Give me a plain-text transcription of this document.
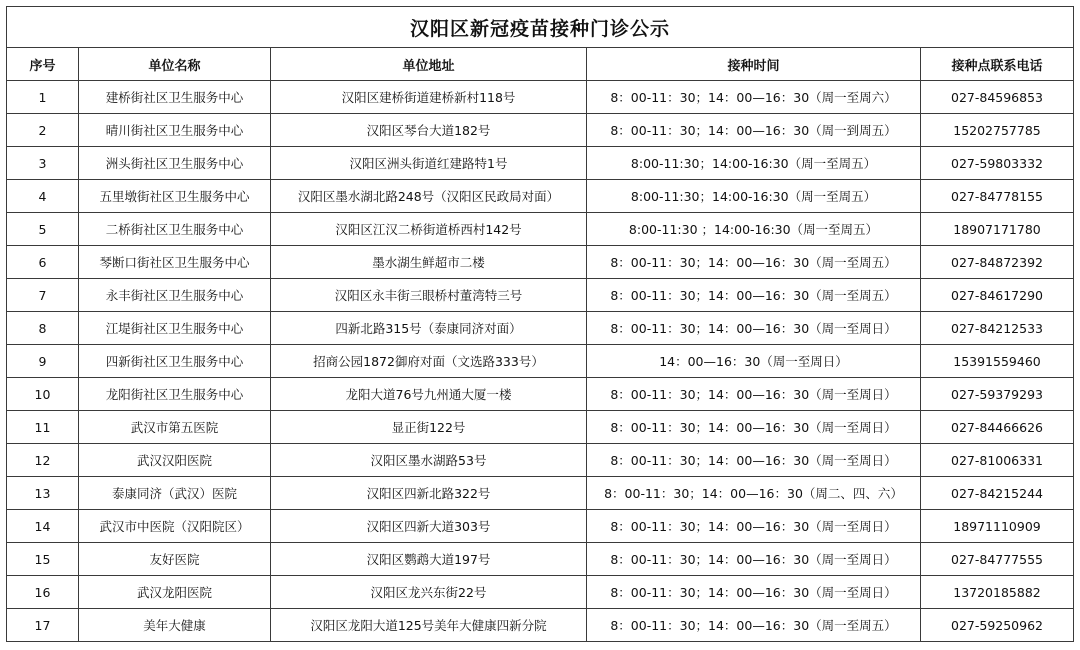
汉阳区新冠疫苗接种门诊公示				
序号	单位名称	单位地址	接种时间	接种点联系电话
1	建桥街社区卫生服务中心	汉阳区建桥街道建桥新村118号	8：00-11：30；14：00—16：30（周一至周六）	027-84596853
2	晴川街社区卫生服务中心	汉阳区琴台大道182号	8：00-11：30；14：00—16：30（周一到周五）	15202757785
3	洲头街社区卫生服务中心	汉阳区洲头街道红建路特1号	8:00-11:30；14:00-16:30（周一至周五）	027-59803332
4	五里墩街社区卫生服务中心	汉阳区墨水湖北路248号（汉阳区民政局对面）	8:00-11:30；14:00-16:30（周一至周五）	027-84778155
5	二桥街社区卫生服务中心	汉阳区江汉二桥街道桥西村142号	8:00-11:30 ；14:00-16:30（周一至周五）	18907171780
6	琴断口街社区卫生服务中心	墨水湖生鲜超市二楼	8：00-11：30；14：00—16：30（周一至周五）	027-84872392
7	永丰街社区卫生服务中心	汉阳区永丰街三眼桥村董湾特三号	8：00-11：30；14：00—16：30（周一至周五）	027-84617290
8	江堤街社区卫生服务中心	四新北路315号（泰康同济对面）	8：00-11：30；14：00—16：30（周一至周日）	027-84212533
9	四新街社区卫生服务中心	招商公园1872御府对面（文选路333号）	14：00—16：30（周一至周日）	15391559460
10	龙阳街社区卫生服务中心	龙阳大道76号九州通大厦一楼	8：00-11：30；14：00—16：30（周一至周日）	027-59379293
11	武汉市第五医院	显正街122号	8：00-11：30；14：00—16：30（周一至周日）	027-84466626
12	武汉汉阳医院	汉阳区墨水湖路53号	8：00-11：30；14：00—16：30（周一至周日）	027-81006331
13	泰康同济（武汉）医院	汉阳区四新北路322号	8：00-11：30；14：00—16：30（周二、四、六）	027-84215244
14	武汉市中医院（汉阳院区）	汉阳区四新大道303号	8：00-11：30；14：00—16：30（周一至周日）	18971110909
15	友好医院	汉阳区鹦鹉大道197号	8：00-11：30；14：00—16：30（周一至周日）	027-84777555
16	武汉龙阳医院	汉阳区龙兴东街22号	8：00-11：30；14：00—16：30（周一至周日）	13720185882
17	美年大健康	汉阳区龙阳大道125号美年大健康四新分院	8：00-11：30；14：00—16：30（周一至周五）	027-59250962
